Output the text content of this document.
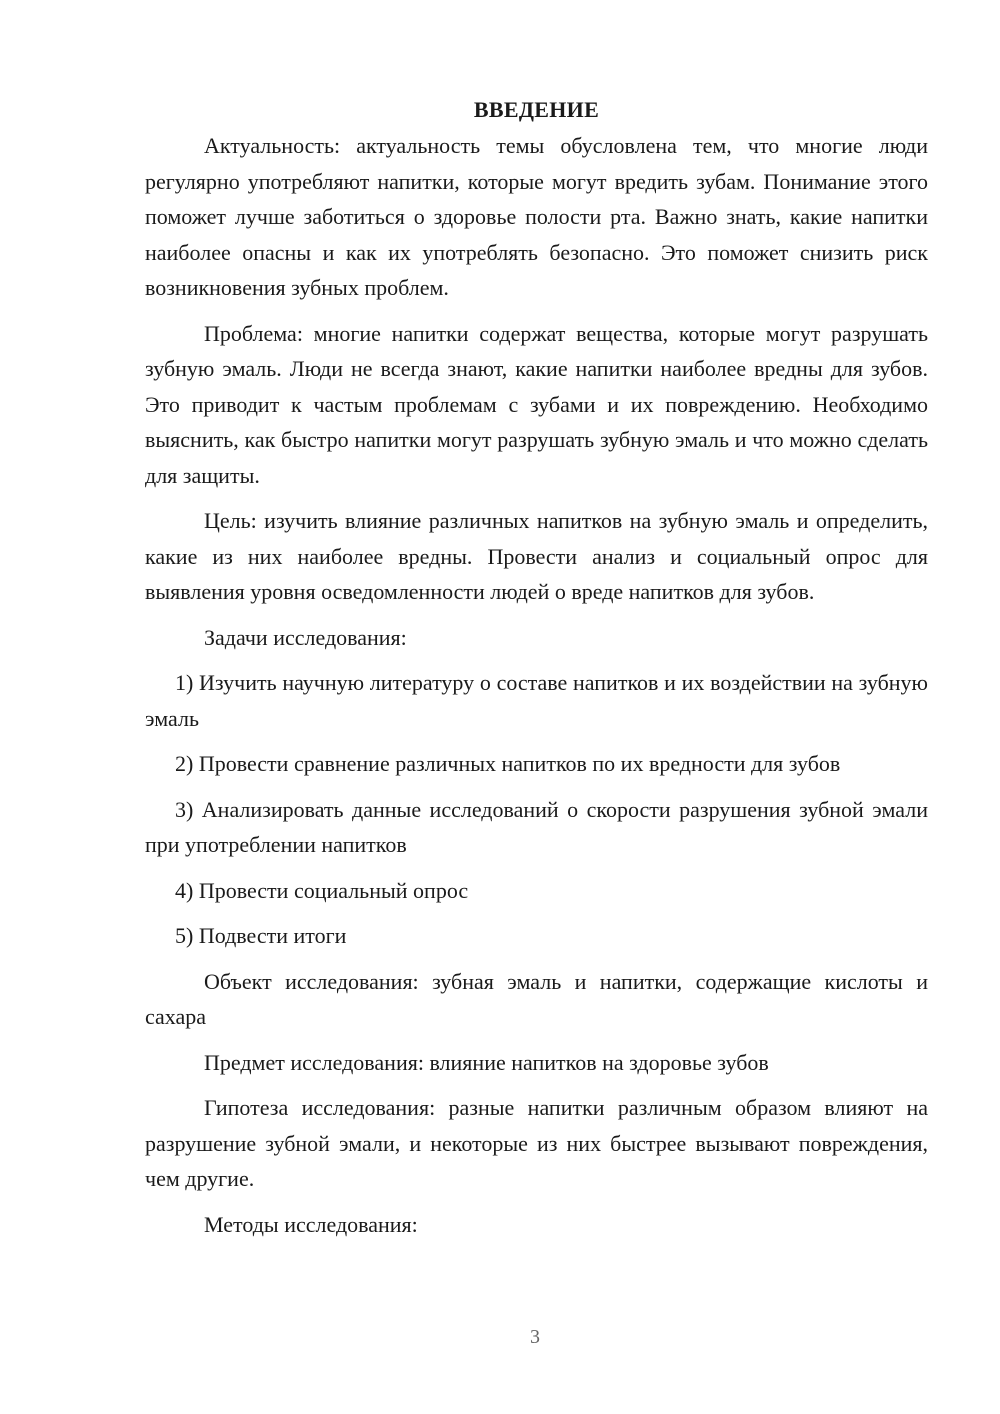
ВВЕДЕНИЕ

Актуальность: актуальность темы обусловлена тем, что многие люди регулярно употребляют напитки, которые могут вредить зубам. Понимание этого поможет лучше заботиться о здоровье полости рта. Важно знать, какие напитки наиболее опасны и как их употреблять безопасно. Это поможет снизить риск возникновения зубных проблем.

Проблема: многие напитки содержат вещества, которые могут разрушать зубную эмаль. Люди не всегда знают, какие напитки наиболее вредны для зубов. Это приводит к частым проблемам с зубами и их повреждению. Необходимо выяснить, как быстро напитки могут разрушать зубную эмаль и что можно сделать для защиты.

Цель: изучить влияние различных напитков на зубную эмаль и определить, какие из них наиболее вредны. Провести анализ и социальный опрос для выявления уровня осведомленности людей о вреде напитков для зубов.

Задачи исследования:

1) Изучить научную литературу о составе напитков и их воздействии на зубную эмаль

2) Провести сравнение различных напитков по их вредности для зубов

3) Анализировать данные исследований о скорости разрушения зубной эмали при употреблении напитков

4) Провести социальный опрос

5) Подвести итоги

Объект исследования: зубная эмаль и напитки, содержащие кислоты и сахара

Предмет исследования: влияние напитков на здоровье зубов

Гипотеза исследования: разные напитки различным образом влияют на разрушение зубной эмали, и некоторые из них быстрее вызывают повреждения, чем другие.

Методы исследования:

3
